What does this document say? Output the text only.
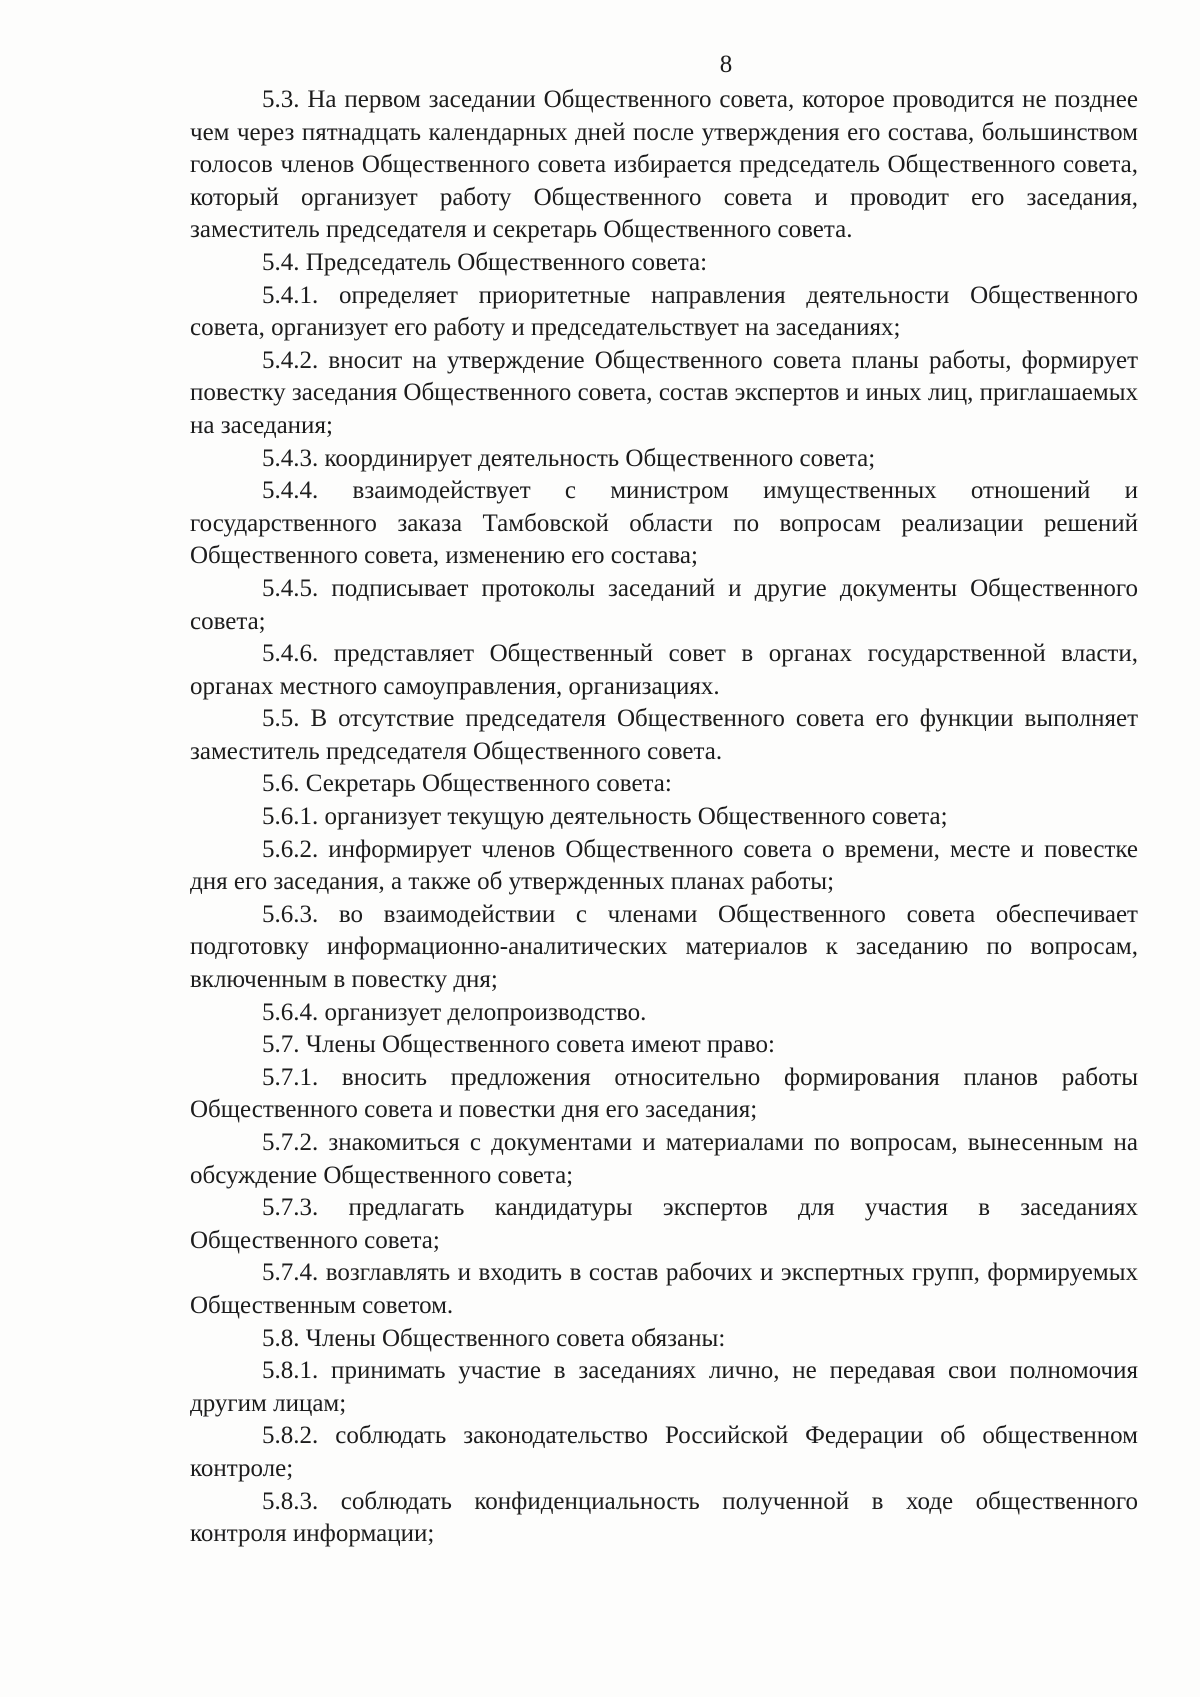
8

5.3. На первом заседании Общественного совета, которое проводится не позднее чем через пятнадцать календарных дней после утверждения его состава, большинством голосов членов Общественного совета избирается председатель Общественного совета, который организует работу Общественного совета и проводит его заседания, заместитель председателя и секретарь Общественного совета.

5.4. Председатель Общественного совета:

5.4.1. определяет приоритетные направления деятельности Общественного совета, организует его работу и председательствует на заседаниях;

5.4.2. вносит на утверждение Общественного совета планы работы, формирует повестку заседания Общественного совета, состав экспертов и иных лиц, приглашаемых на заседания;

5.4.3. координирует деятельность Общественного совета;

5.4.4. взаимодействует с министром имущественных отношений и государственного заказа Тамбовской области по вопросам реализации решений Общественного совета, изменению его состава;

5.4.5. подписывает протоколы заседаний и другие документы Общественного совета;

5.4.6. представляет Общественный совет в органах государственной власти, органах местного самоуправления, организациях.

5.5. В отсутствие председателя Общественного совета его функции выполняет заместитель председателя Общественного совета.

5.6. Секретарь Общественного совета:

5.6.1. организует текущую деятельность Общественного совета;

5.6.2. информирует членов Общественного совета о времени, месте и повестке дня его заседания, а также об утвержденных планах работы;

5.6.3. во взаимодействии с членами Общественного совета обеспечивает подготовку информационно-аналитических материалов к заседанию по вопросам, включенным в повестку дня;

5.6.4. организует делопроизводство.

5.7. Члены Общественного совета имеют право:

5.7.1. вносить предложения относительно формирования планов работы Общественного совета и повестки дня его заседания;

5.7.2. знакомиться с документами и материалами по вопросам, вынесенным на обсуждение Общественного совета;

5.7.3. предлагать кандидатуры экспертов для участия в заседаниях Общественного совета;

5.7.4. возглавлять и входить в состав рабочих и экспертных групп, формируемых Общественным советом.

5.8. Члены Общественного совета обязаны:

5.8.1. принимать участие в заседаниях лично, не передавая свои полномочия другим лицам;

5.8.2. соблюдать законодательство Российской Федерации об общественном контроле;

5.8.3. соблюдать конфиденциальность полученной в ходе общественного контроля информации;
